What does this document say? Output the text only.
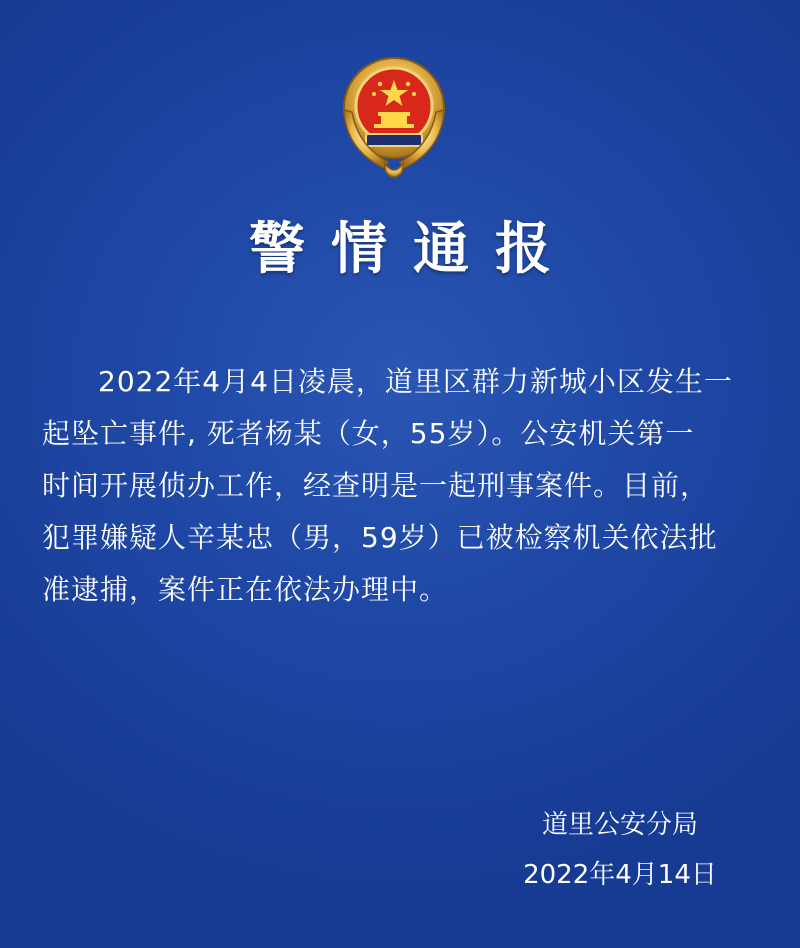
警情通报
2022年4月4日凌晨，道里区群力新城小区发生一
起坠亡事件, 死者杨某（女，55岁）。公安机关第一
时间开展侦办工作，经查明是一起刑事案件。目前，
犯罪嫌疑人辛某忠（男，59岁）已被检察机关依法批
准逮捕，案件正在依法办理中。
道里公安分局
2022年4月14日
